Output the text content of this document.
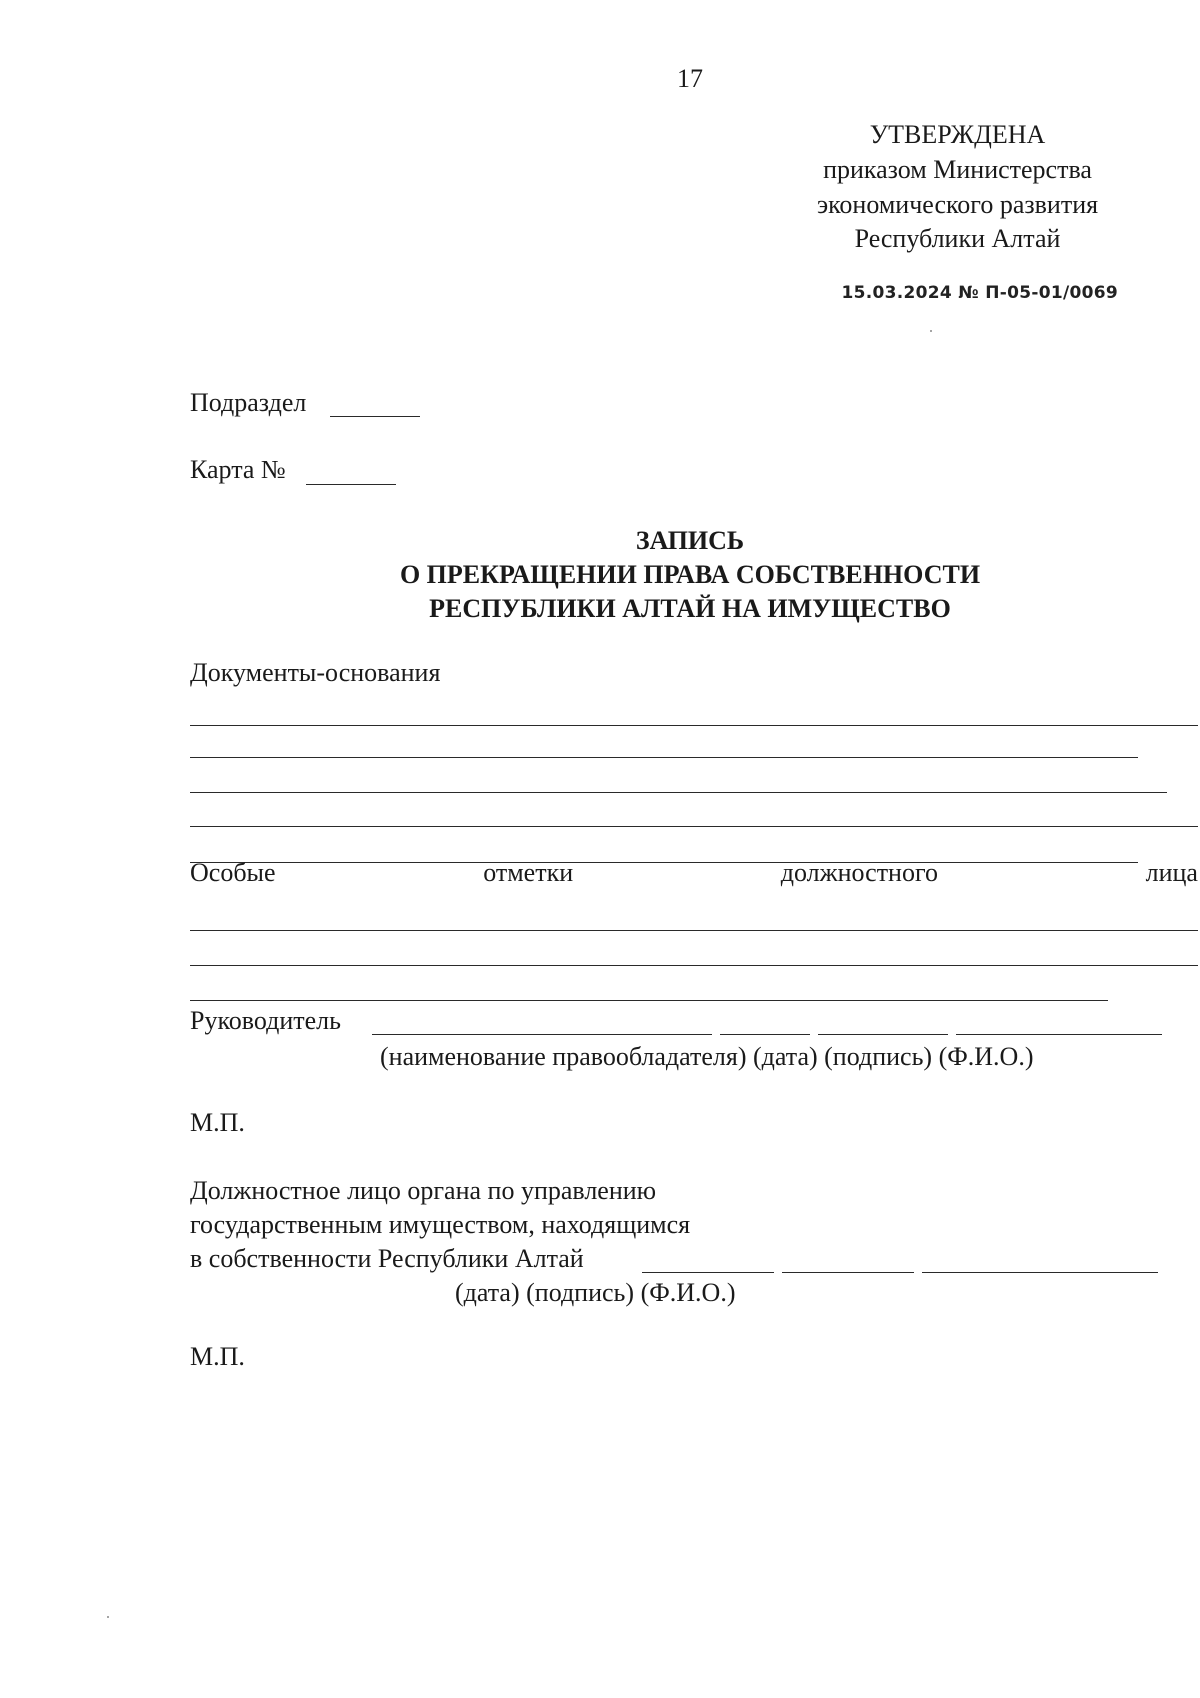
17
УТВЕРЖДЕНА
приказом Министерства
экономического развития
Республики Алтай
15.03.2024 № П-05-01/0069
Подраздел
Карта №
ЗАПИСЬ
О ПРЕКРАЩЕНИИ ПРАВА СОБСТВЕННОСТИ
РЕСПУБЛИКИ АЛТАЙ НА ИМУЩЕСТВО
Документы-основания
Особые	отметки	должностного	лица
Руководитель
(наименование правообладателя) (дата) (подпись) (Ф.И.О.)
М.П.
Должностное лицо органа по управлению
государственным имуществом, находящимся
в собственности Республики Алтай
(дата) (подпись) (Ф.И.О.)
М.П.
